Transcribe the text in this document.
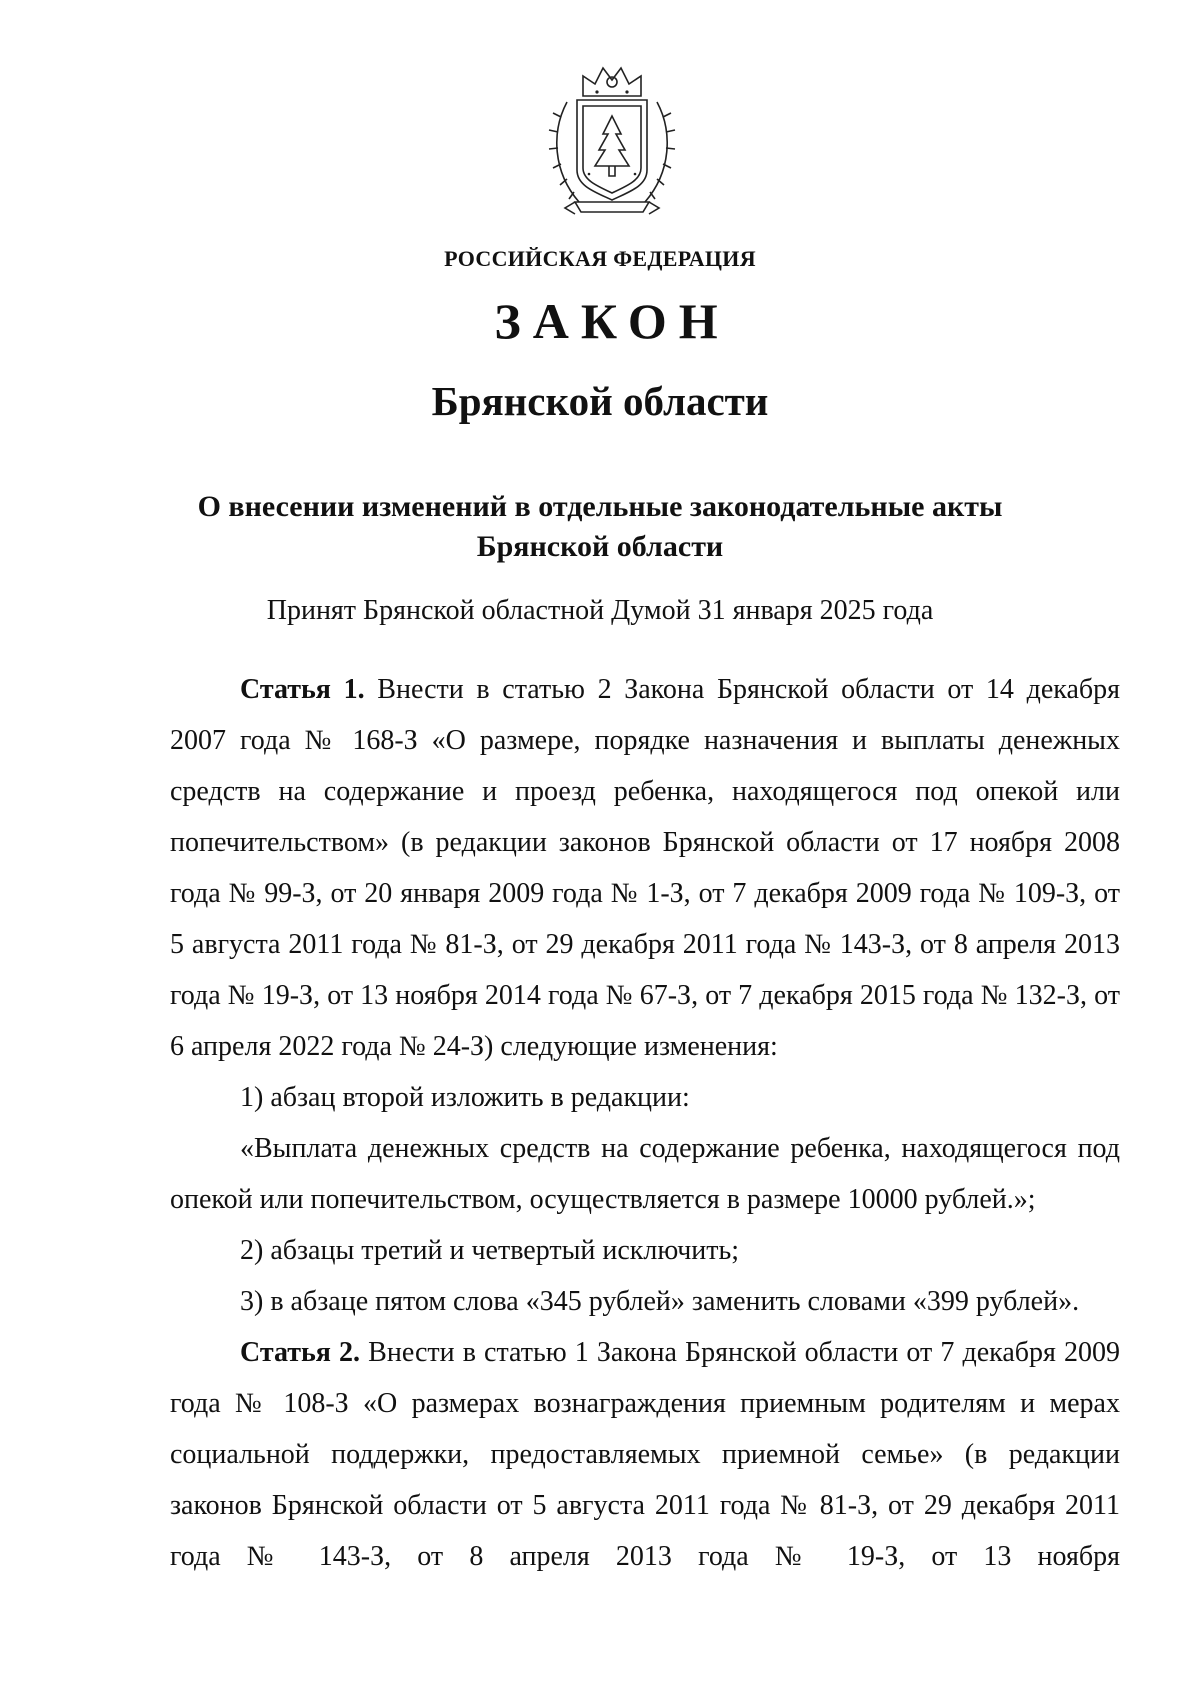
РОССИЙСКАЯ ФЕДЕРАЦИЯ
ЗАКОН
Брянской области
О внесении изменений в отдельные законодательные акты
Брянской области
Принят Брянской областной Думой 31 января 2025 года

Статья 1. Внести в статью 2 Закона Брянской области от 14 декабря 2007 года № 168-З «О размере, порядке назначения и выплаты денежных средств на содержание и проезд ребенка, находящегося под опекой или попечительством» (в редакции законов Брянской области от 17 ноября 2008 года № 99-З, от 20 января 2009 года № 1-З, от 7 декабря 2009 года № 109-З, от 5 августа 2011 года № 81-З, от 29 декабря 2011 года № 143-З, от 8 апреля 2013 года № 19-З, от 13 ноября 2014 года № 67-З, от 7 декабря 2015 года № 132-З, от 6 апреля 2022 года № 24-З) следующие изменения:

1) абзац второй изложить в редакции:

«Выплата денежных средств на содержание ребенка, находящегося под опекой или попечительством, осуществляется в размере 10000 рублей.»;

2) абзацы третий и четвертый исключить;

3) в абзаце пятом слова «345 рублей» заменить словами «399 рублей».

Статья 2. Внести в статью 1 Закона Брянской области от 7 декабря 2009 года № 108-З «О размерах вознаграждения приемным родителям и мерах социальной поддержки, предоставляемых приемной семье» (в редакции законов Брянской области от 5 августа 2011 года № 81-З, от 29 декабря 2011 года № 143-З, от 8 апреля 2013 года № 19-З, от 13 ноября
